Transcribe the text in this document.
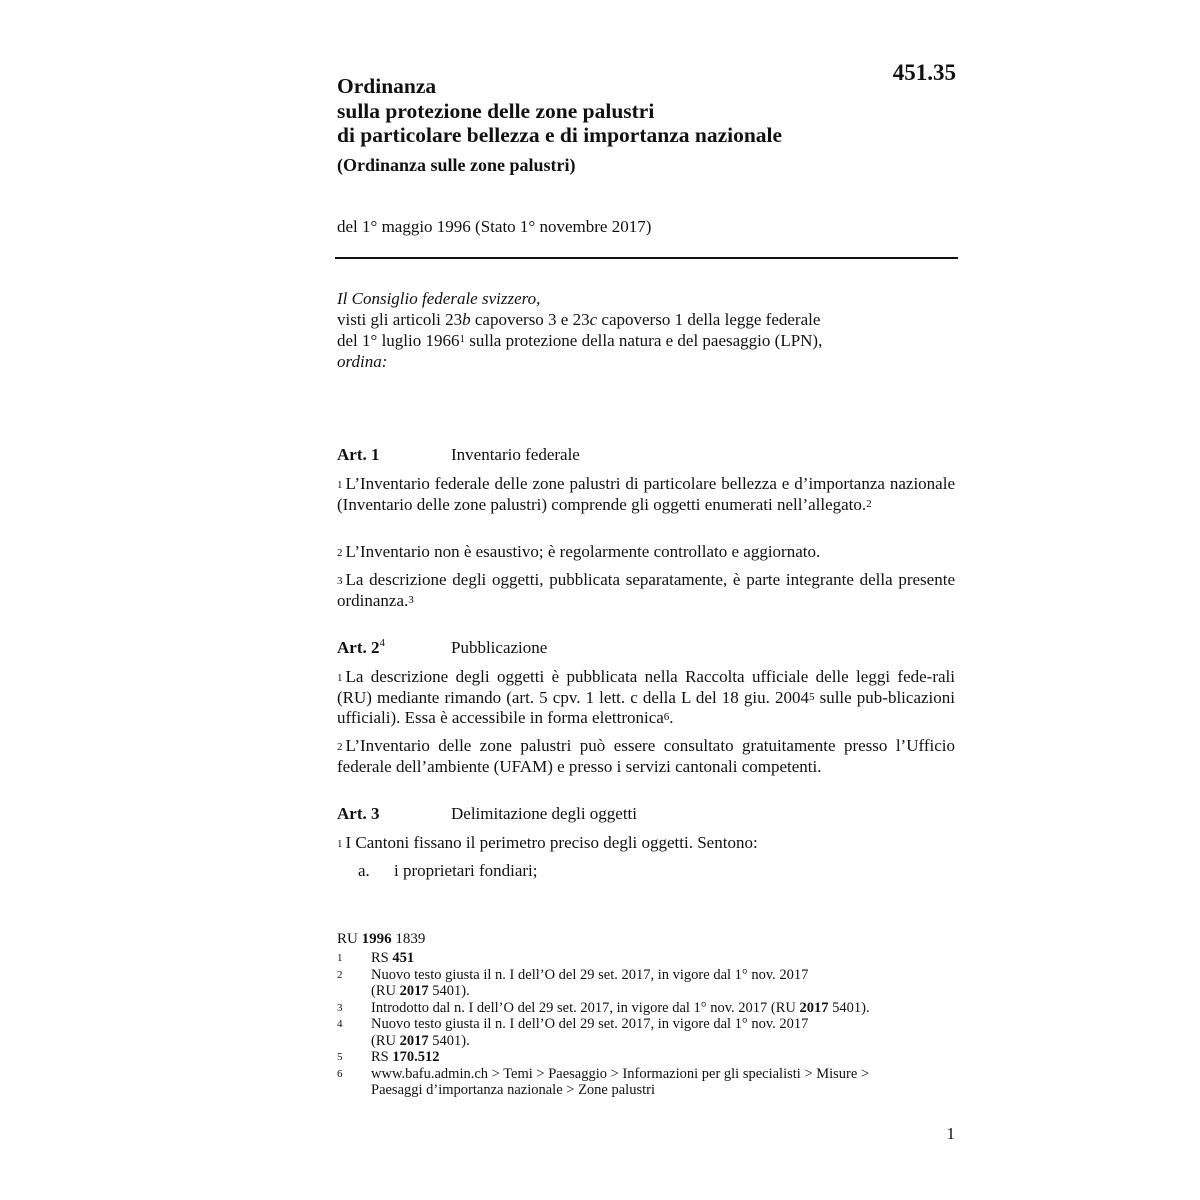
451.35
Ordinanza
sulla protezione delle zone palustri
di particolare bellezza e di importanza nazionale
(Ordinanza sulle zone palustri)
del 1° maggio 1996 (Stato 1° novembre 2017)
Il Consiglio federale svizzero,
visti gli articoli 23b capoverso 3 e 23c capoverso 1 della legge federale
del 1° luglio 1966$^1$ sulla protezione della natura e del paesaggio (LPN),
ordina:
Art. 1	Inventario federale
$^1$ L’Inventario federale delle zone palustri di particolare bellezza e d’importanza nazionale (Inventario delle zone palustri) comprende gli oggetti enumerati nell’allegato.$^2$
$^2$ L’Inventario non è esaustivo; è regolarmente controllato e aggiornato.
$^3$ La descrizione degli oggetti, pubblicata separatamente, è parte integrante della presente ordinanza.$^3$
Art. $2^4$	Pubblicazione
$^1$ La descrizione degli oggetti è pubblicata nella Raccolta ufficiale delle leggi fede-rali (RU) mediante rimando (art. 5 cpv. 1 lett. c della L del 18 giu. 2004$^5$ sulle pub-blicazioni ufficiali). Essa è accessibile in forma elettronica$^6$.
$^2$ L’Inventario delle zone palustri può essere consultato gratuitamente presso l’Ufficio federale dell’ambiente (UFAM) e presso i servizi cantonali competenti.
Art. 3	Delimitazione degli oggetti
$^1$ I Cantoni fissano il perimetro preciso degli oggetti. Sentono:
a. i proprietari fondiari;
RU 1996 1839
1 RS 451
2 Nuovo testo giusta il n. I dell’O del 29 set. 2017, in vigore dal 1° nov. 2017
(RU 2017 5401).
3 Introdotto dal n. I dell’O del 29 set. 2017, in vigore dal 1° nov. 2017 (RU 2017 5401).
4 Nuovo testo giusta il n. I dell’O del 29 set. 2017, in vigore dal 1° nov. 2017
(RU 2017 5401).
5 RS 170.512
6 www.bafu.admin.ch > Temi > Paesaggio > Informazioni per gli specialisti > Misure >
Paesaggi d’importanza nazionale > Zone palustri
1
